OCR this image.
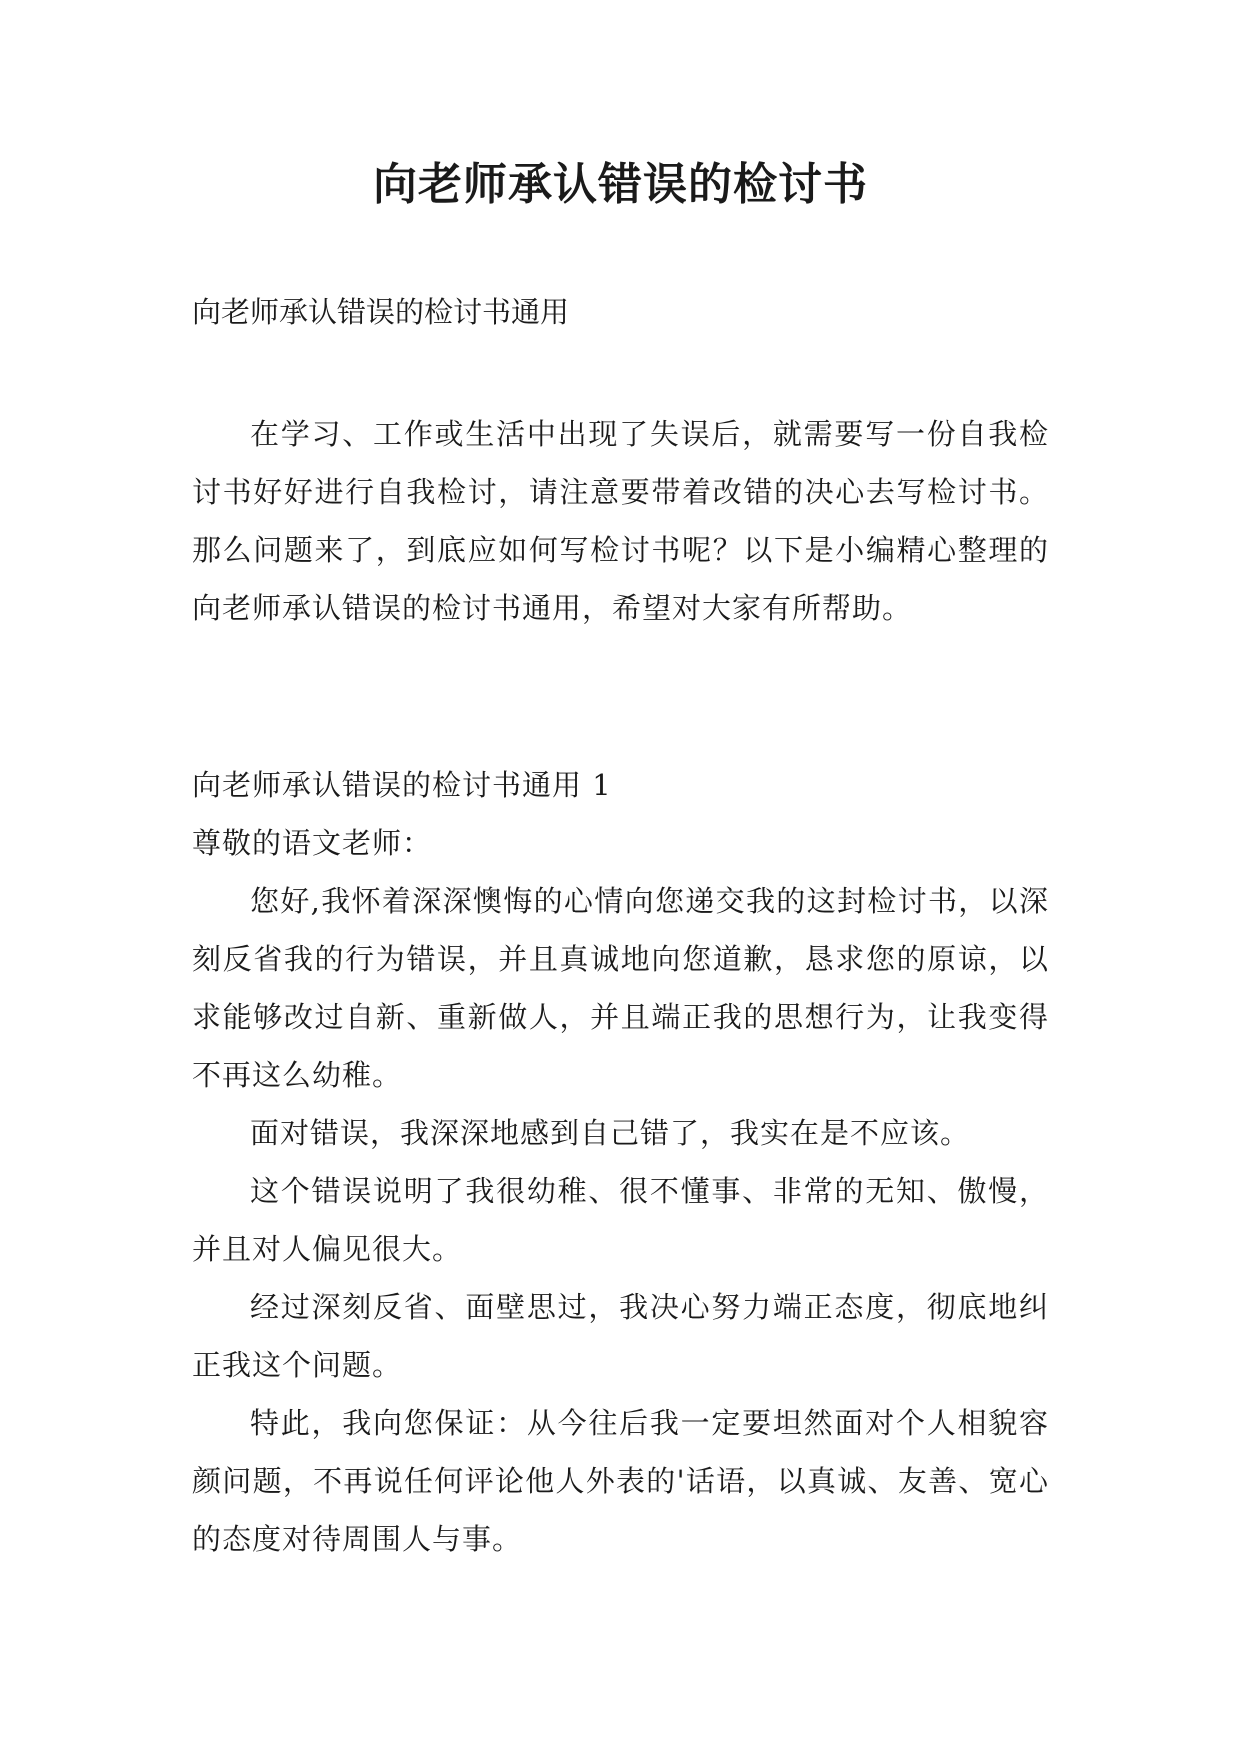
向老师承认错误的检讨书
向老师承认错误的检讨书通用

在学习、工作或生活中出现了失误后，就需要写一份自我检讨书好好进行自我检讨，请注意要带着改错的决心去写检讨书。那么问题来了，到底应如何写检讨书呢？以下是小编精心整理的向老师承认错误的检讨书通用，希望对大家有所帮助。

向老师承认错误的检讨书通用 1

尊敬的语文老师：

您好,我怀着深深懊悔的心情向您递交我的这封检讨书，以深刻反省我的行为错误，并且真诚地向您道歉，恳求您的原谅，以求能够改过自新、重新做人，并且端正我的思想行为，让我变得不再这么幼稚。

面对错误，我深深地感到自己错了，我实在是不应该。

这个错误说明了我很幼稚、很不懂事、非常的无知、傲慢，并且对人偏见很大。

经过深刻反省、面壁思过，我决心努力端正态度，彻底地纠正我这个问题。

特此，我向您保证：从今往后我一定要坦然面对个人相貌容颜问题，不再说任何评论他人外表的'话语，以真诚、友善、宽心的态度对待周围人与事。
